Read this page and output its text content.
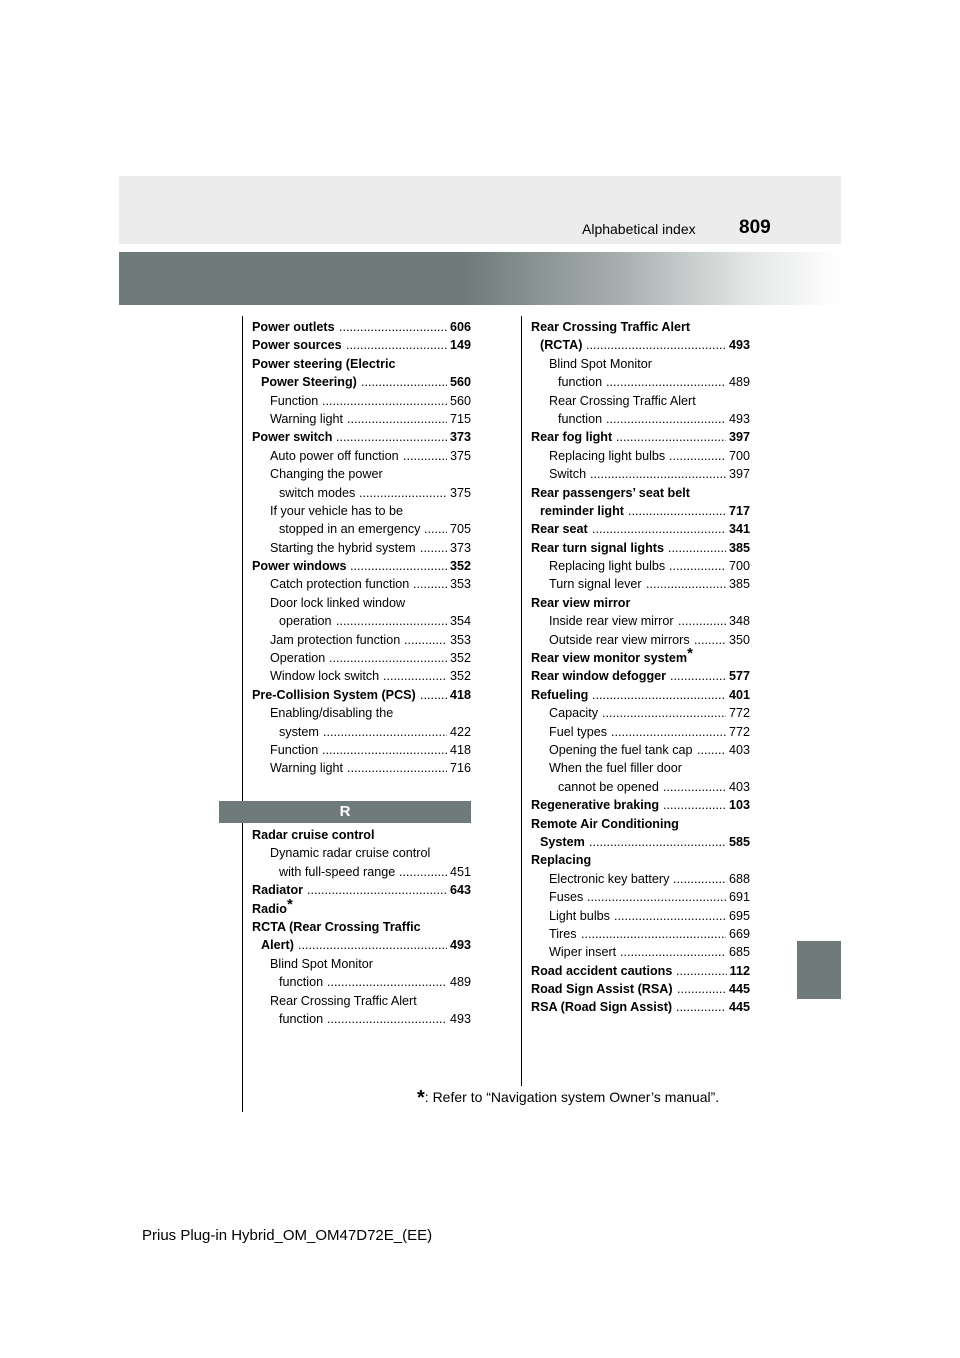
Alphabetical index 809
Power outlets	606
.....
Power sources	149
.....
Power steering (Electric
Power Steering)	560
.....
Function	560
.....
Warning light	715
.....
Power switch	373
.....
Auto power off function	375
.....
Changing the power
switch modes	375
.....
If your vehicle has to be
stopped in an emergency 705
.....
Starting the hybrid system	373
.....
Power windows	352
.....
Catch protection function	353
.....
Door lock linked window
operation	354
.....
Jam protection function	353
.....
Operation	352
.....
Window lock switch	352
.....
Pre-Collision System (PCS)	418
.....
Enabling/disabling the
system	422
.....
Function	418
.....
Warning light	716
.....
R
Radar cruise control
Dynamic radar cruise control
with full-speed range	451
.....
Radiator	643
.....
Radio*
RCTA (Rear Crossing Traffic
Alert)	493
.....
Blind Spot Monitor
function	489
.....
Rear Crossing Traffic Alert
function	493
.....
Rear Crossing Traffic Alert
(RCTA)	493
.....
Blind Spot Monitor
function	489
.....
Rear Crossing Traffic Alert
function	493
.....
Rear fog light	397
.....
Replacing light bulbs	700
.....
Switch	397
.....
Rear passengers’ seat belt
reminder light	717
.....
Rear seat	341
.....
Rear turn signal lights	385
.....
Replacing light bulbs	700
.....
Turn signal lever	385
.....
Rear view mirror
Inside rear view mirror	348
.....
Outside rear view mirrors	350
.....
Rear view monitor system*
Rear window defogger	577
.....
Refueling	401
.....
Capacity	772
.....
Fuel types	772
.....
Opening the fuel tank cap	403
.....
When the fuel filler door
cannot be opened	403
.....
Regenerative braking	103
.....
Remote Air Conditioning
System	585
.....
Replacing
Electronic key battery	688
.....
Fuses	691
.....
Light bulbs	695
.....
Tires	669
.....
Wiper insert	685
.....
Road accident cautions	112
.....
Road Sign Assist (RSA)	445
.....
RSA (Road Sign Assist)	445
.....
*: Refer to “Navigation system Owner’s manual”.
Prius Plug-in Hybrid_OM_OM47D72E_(EE)
